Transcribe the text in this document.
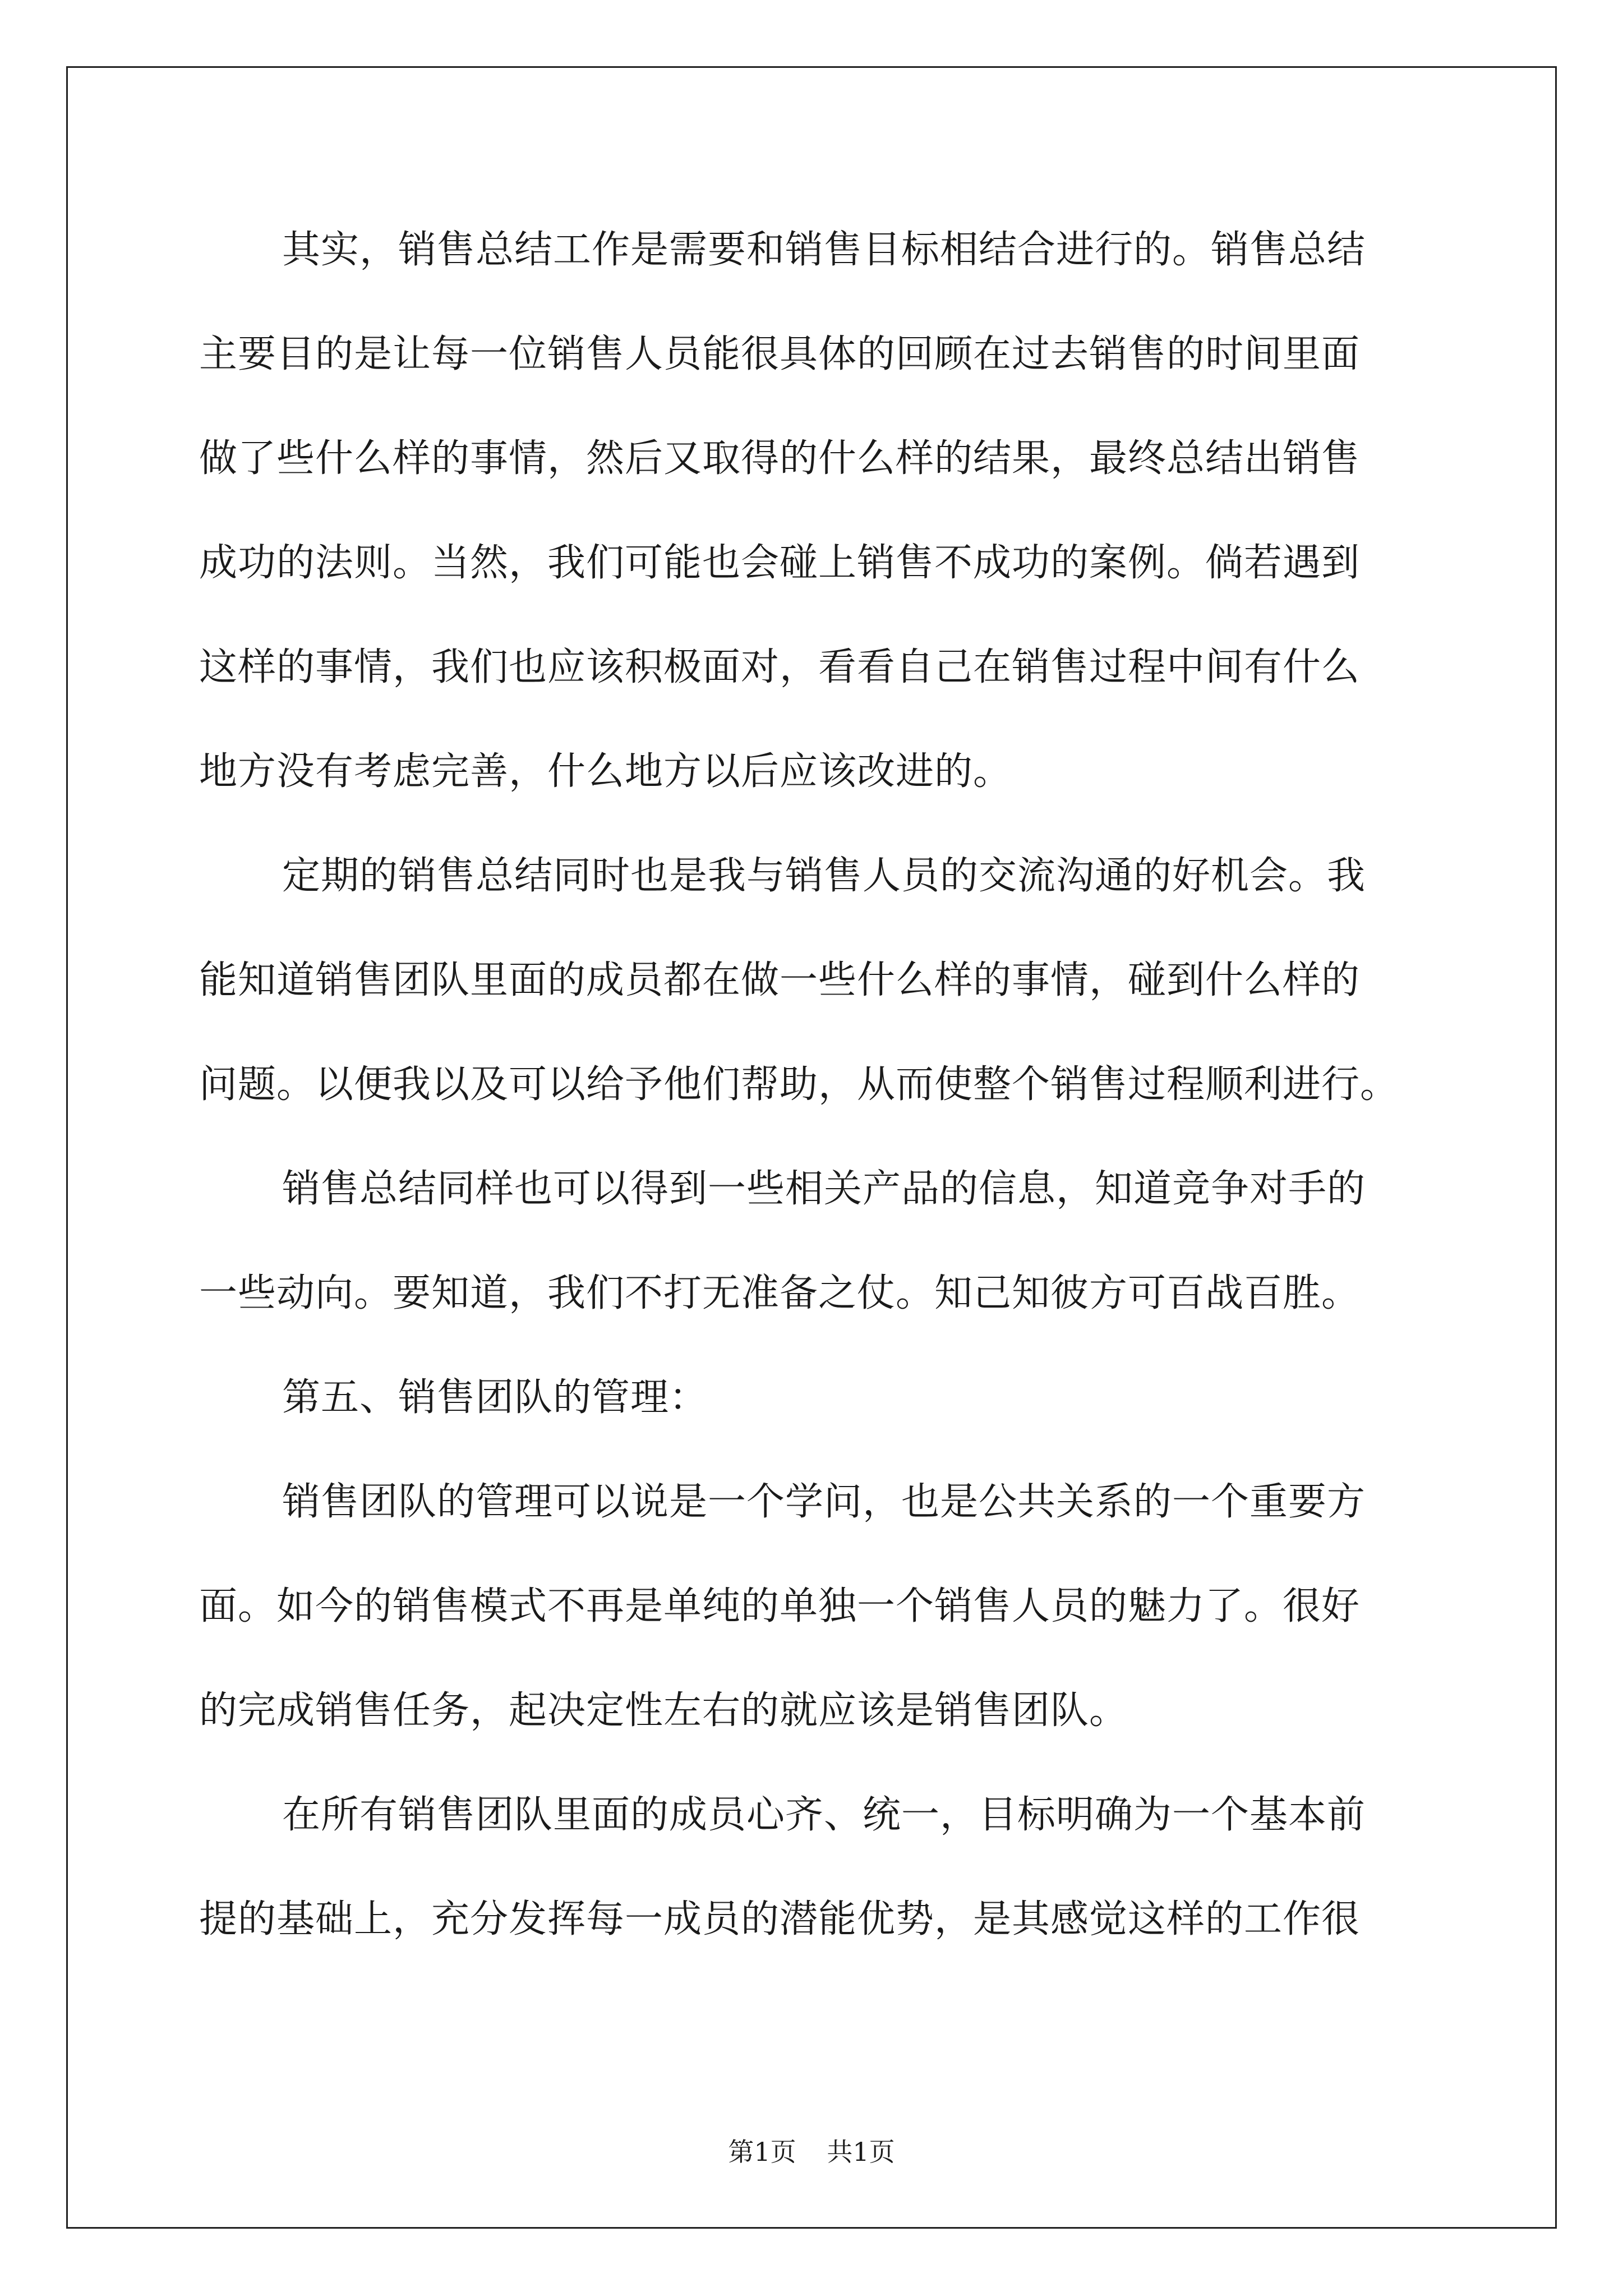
其实，销售总结工作是需要和销售目标相结合进行的。销售总结
主要目的是让每一位销售人员能很具体的回顾在过去销售的时间里面
做了些什么样的事情，然后又取得的什么样的结果，最终总结出销售
成功的法则。当然，我们可能也会碰上销售不成功的案例。倘若遇到
这样的事情，我们也应该积极面对，看看自己在销售过程中间有什么
地方没有考虑完善，什么地方以后应该改进的。
定期的销售总结同时也是我与销售人员的交流沟通的好机会。我
能知道销售团队里面的成员都在做一些什么样的事情，碰到什么样的
问题。以便我以及可以给予他们帮助，从而使整个销售过程顺利进行。
销售总结同样也可以得到一些相关产品的信息，知道竞争对手的
一些动向。要知道，我们不打无准备之仗。知己知彼方可百战百胜。
第五、销售团队的管理：
销售团队的管理可以说是一个学问，也是公共关系的一个重要方
面。如今的销售模式不再是单纯的单独一个销售人员的魅力了。很好
的完成销售任务，起决定性左右的就应该是销售团队。
在所有销售团队里面的成员心齐、统一，目标明确为一个基本前
提的基础上，充分发挥每一成员的潜能优势，是其感觉这样的工作很
第1页 共1页
